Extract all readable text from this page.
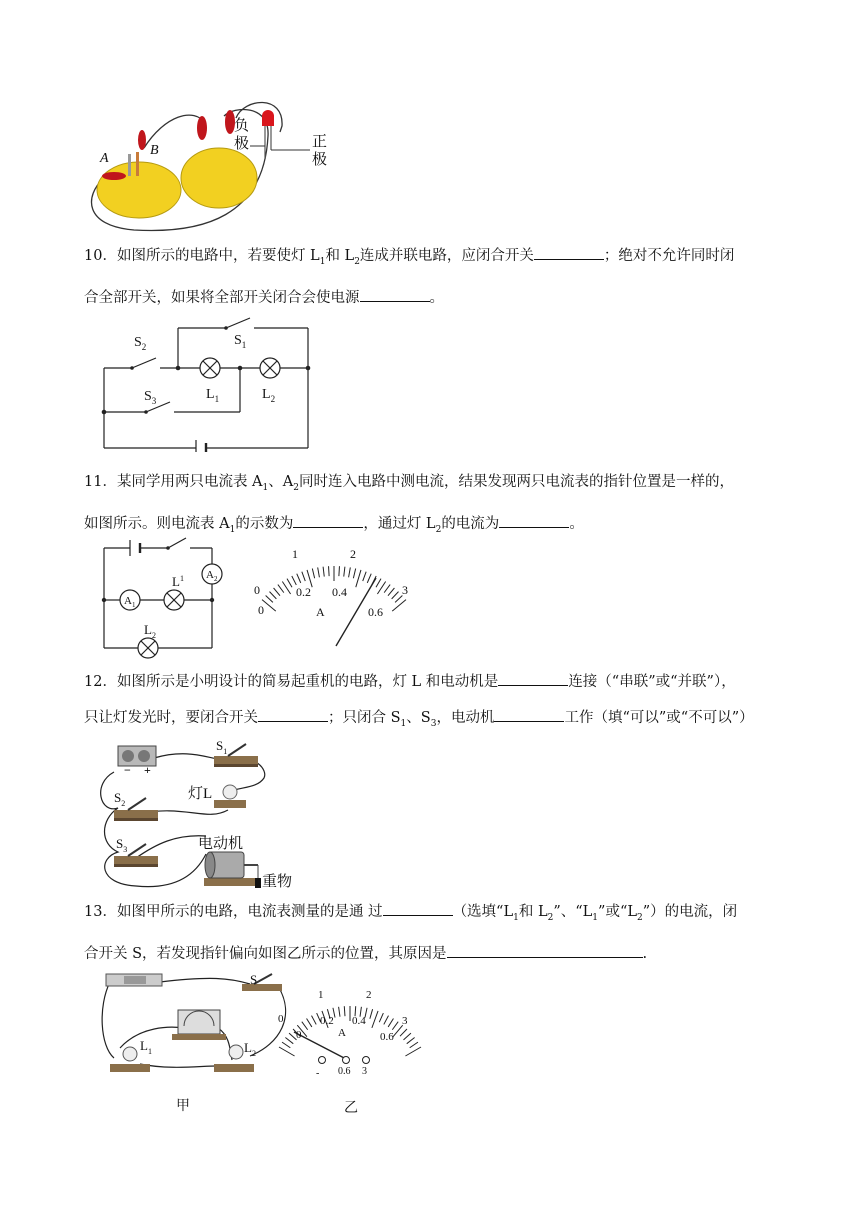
A
B
负
极	正
极
10．如图所示的电路中，若要使灯 $L_1$和 $L_2$连成并联电路，应闭合开关	；绝对不允许同时闭
合全部开关，如果将全部开关闭合会使电源	。
$S_2$	$S_1$
$S_3$	$L_1$	$L_2$
11．某同学用两只电流表 $A_1$、$A_2$同时连入电路中测电流，结果发现两只电流表的指针位置是一样的，
如图所示。则电流表 $A_1$的示数为	，通过灯 $L_2$的电流为	。
$A_1$
$A_2$
$L^1$
$L_2$
0
1	2
3
0
0.2 0.4
0.6
A
12．如图所示是小明设计的简易起重机的电路，灯 L 和电动机是	连接（“串联”或“并联”），
只让灯发光时，要闭合开关	；只闭合 $S_1$、$S_3$，电动机	工作（填“可以”或“不可以”）
− +
$S_1$
$S_2$
$S_3$
灯L
电动机
重物
13．如图甲所示的电路，电流表测量的是通 过	（选填“$L_1$和 $L_2$”、“$L_1$”或“$L_2$”）的电流，闭
合开关 S，若发现指针偏向如图乙所示的位置，其原因是	.
S
$L_1$	$L_2$
甲
0
1	2
3
0
0.2 0.4
0.6
A
- 0.6 3
乙
